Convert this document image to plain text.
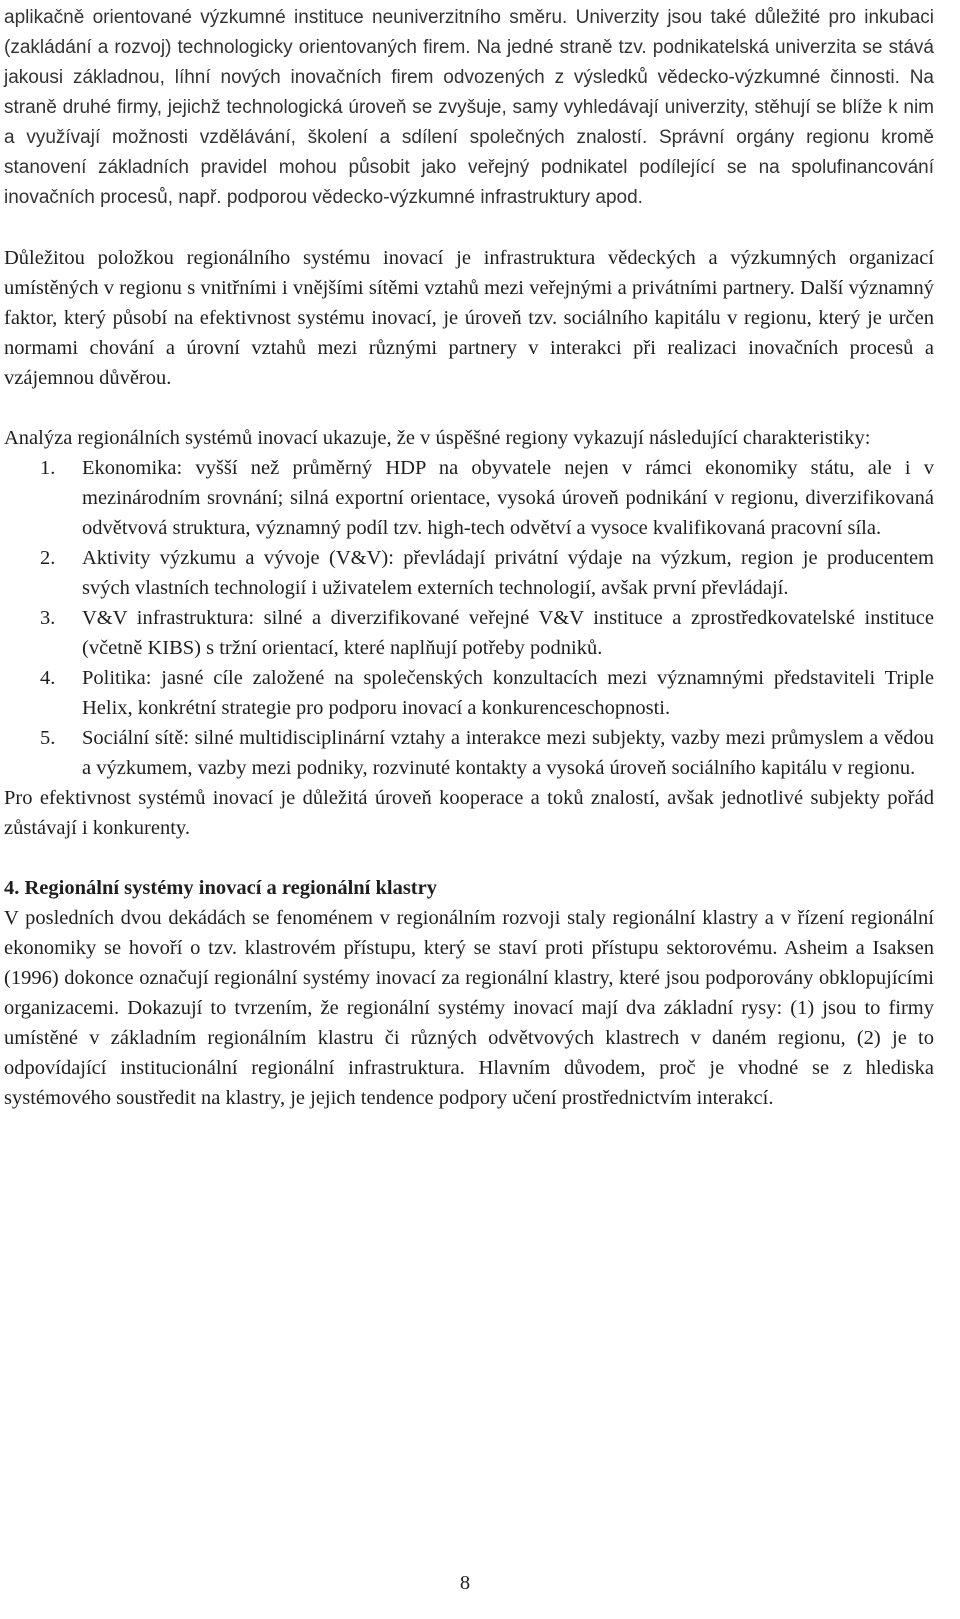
aplikačně orientované výzkumné instituce neuniverzitního směru. Univerzity jsou také důležité pro inkubaci (zakládání a rozvoj) technologicky orientovaných firem. Na jedné straně tzv. podnikatelská univerzita se stává jakousi základnou, líhní nových inovačních firem odvozených z výsledků vědecko-výzkumné činnosti. Na straně druhé firmy, jejichž technologická úroveň se zvyšuje, samy vyhledávají univerzity, stěhují se blíže k nim a využívají možnosti vzdělávání, školení a sdílení společných znalostí. Správní orgány regionu kromě stanovení základních pravidel mohou působit jako veřejný podnikatel podílející se na spolufinancování inovačních procesů, např. podporou vědecko-výzkumné infrastruktury apod.

Důležitou položkou regionálního systému inovací je infrastruktura vědeckých a výzkumných organizací umístěných v regionu s vnitřními i vnějšími sítěmi vztahů mezi veřejnými a privátními partnery. Další významný faktor, který působí na efektivnost systému inovací, je úroveň tzv. sociálního kapitálu v regionu, který je určen normami chování a úrovní vztahů mezi různými partnery v interakci při realizaci inovačních procesů a vzájemnou důvěrou.

Analýza regionálních systémů inovací ukazuje, že v úspěšné regiony vykazují následující charakteristiky:

1. Ekonomika: vyšší než průměrný HDP na obyvatele nejen v rámci ekonomiky státu, ale i v mezinárodním srovnání; silná exportní orientace, vysoká úroveň podnikání v regionu, diverzifikovaná odvětvová struktura, významný podíl tzv. high-tech odvětví a vysoce kvalifikovaná pracovní síla.
2. Aktivity výzkumu a vývoje (V&V): převládají privátní výdaje na výzkum, region je producentem svých vlastních technologií i uživatelem externích technologií, avšak první převládají.
3. V&V infrastruktura: silné a diverzifikované veřejné V&V instituce a zprostředkovatelské instituce (včetně KIBS) s tržní orientací, které naplňují potřeby podniků.
4. Politika: jasné cíle založené na společenských konzultacích mezi významnými představiteli Triple Helix, konkrétní strategie pro podporu inovací a konkurenceschopnosti.
5. Sociální sítě: silné multidisciplinární vztahy a interakce mezi subjekty, vazby mezi průmyslem a vědou a výzkumem, vazby mezi podniky, rozvinuté kontakty a vysoká úroveň sociálního kapitálu v regionu.

Pro efektivnost systémů inovací je důležitá úroveň kooperace a toků znalostí, avšak jednotlivé subjekty pořád zůstávají i konkurenty.

4. Regionální systémy inovací a regionální klastry

V posledních dvou dekádách se fenoménem v regionálním rozvoji staly regionální klastry a v řízení regionální ekonomiky se hovoří o tzv. klastrovém přístupu, který se staví proti přístupu sektorovému. Asheim a Isaksen (1996) dokonce označují regionální systémy inovací za regionální klastry, které jsou podporovány obklopujícími organizacemi. Dokazují to tvrzením, že regionální systémy inovací mají dva základní rysy: (1) jsou to firmy umístěné v základním regionálním klastru či různých odvětvových klastrech v daném regionu, (2) je to odpovídající institucionální regionální infrastruktura. Hlavním důvodem, proč je vhodné se z hlediska systémového soustředit na klastry, je jejich tendence podpory učení prostřednictvím interakcí.

8
